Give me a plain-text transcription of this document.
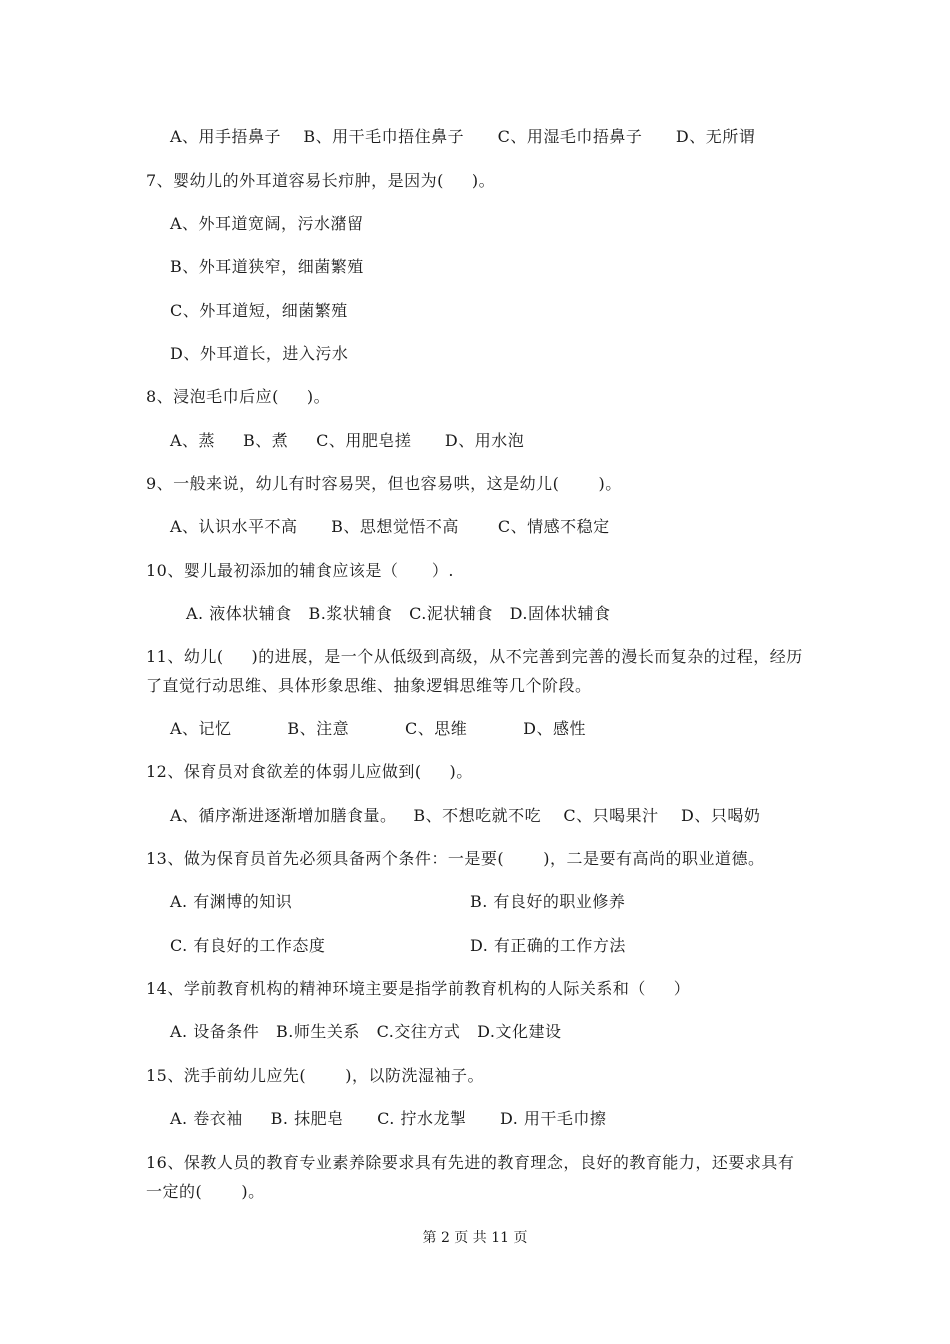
A、用手捂鼻子    B、用干毛巾捂住鼻子      C、用湿毛巾捂鼻子      D、无所谓
7、婴幼儿的外耳道容易长疖肿，是因为(     )。
A、外耳道宽阔，污水潴留
B、外耳道狭窄，细菌繁殖
C、外耳道短，细菌繁殖
D、外耳道长，进入污水
8、浸泡毛巾后应(     )。
A、蒸     B、煮     C、用肥皂搓      D、用水泡
9、一般来说，幼儿有时容易哭，但也容易哄，这是幼儿(       )。
A、认识水平不高      B、思想觉悟不高       C、情感不稳定
10、婴儿最初添加的辅食应该是（      ）.
A. 液体状辅食   B.浆状辅食   C.泥状辅食   D.固体状辅食
11、幼儿(     )的进展，是一个从低级到高级，从不完善到完善的漫长而复杂的过程，经历
了直觉行动思维、具体形象思维、抽象逻辑思维等几个阶段。
A、记忆          B、注意          C、思维          D、感性
12、保育员对食欲差的体弱儿应做到(     )。
A、循序渐进逐渐增加膳食量。   B、不想吃就不吃    C、只喝果汁    D、只喝奶
13、做为保育员首先必须具备两个条件：一是要(       )，二是要有高尚的职业道德。
A. 有渊博的知识	B. 有良好的职业修养
C. 有良好的工作态度	D. 有正确的工作方法
14、学前教育机构的精神环境主要是指学前教育机构的人际关系和（     ）
A. 设备条件   B.师生关系   C.交往方式   D.文化建设
15、洗手前幼儿应先(       )，以防洗湿袖子。
A. 卷衣袖     B. 抹肥皂      C. 拧水龙掣      D. 用干毛巾擦
16、保教人员的教育专业素养除要求具有先进的教育理念，良好的教育能力，还要求具有
一定的(       )。
第 2 页 共 11 页
